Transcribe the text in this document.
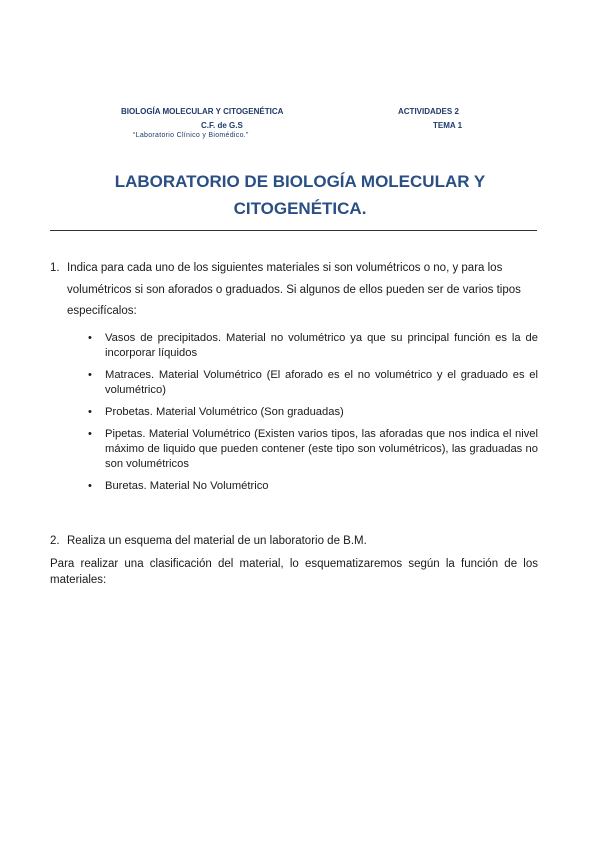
BIOLOGÍA MOLECULAR Y CITOGENÉTICA
C.F. de G.S
“Laboratorio Clínico y Biomédico.”
ACTIVIDADES 2
TEMA 1
LABORATORIO DE BIOLOGÍA MOLECULAR Y CITOGENÉTICA.
1. Indica para cada uno de los siguientes materiales si son volumétricos o no, y para los
volumétricos si son aforados o graduados. Si algunos de ellos pueden ser de varios tipos
especifícalos:
• Vasos de precipitados. Material no volumétrico ya que su principal función es la de incorporar líquidos
• Matraces. Material Volumétrico (El aforado es el no volumétrico y el graduado es el volumétrico)
• Probetas. Material Volumétrico (Son graduadas)
• Pipetas. Material Volumétrico (Existen varios tipos, las aforadas que nos indica el nivel máximo de liquido que pueden contener (este tipo son volumétricos), las graduadas no son volumétricos
• Buretas. Material No Volumétrico
2. Realiza un esquema del material de un laboratorio de B.M.
Para realizar una clasificación del material, lo esquematizaremos según la función de los materiales:
